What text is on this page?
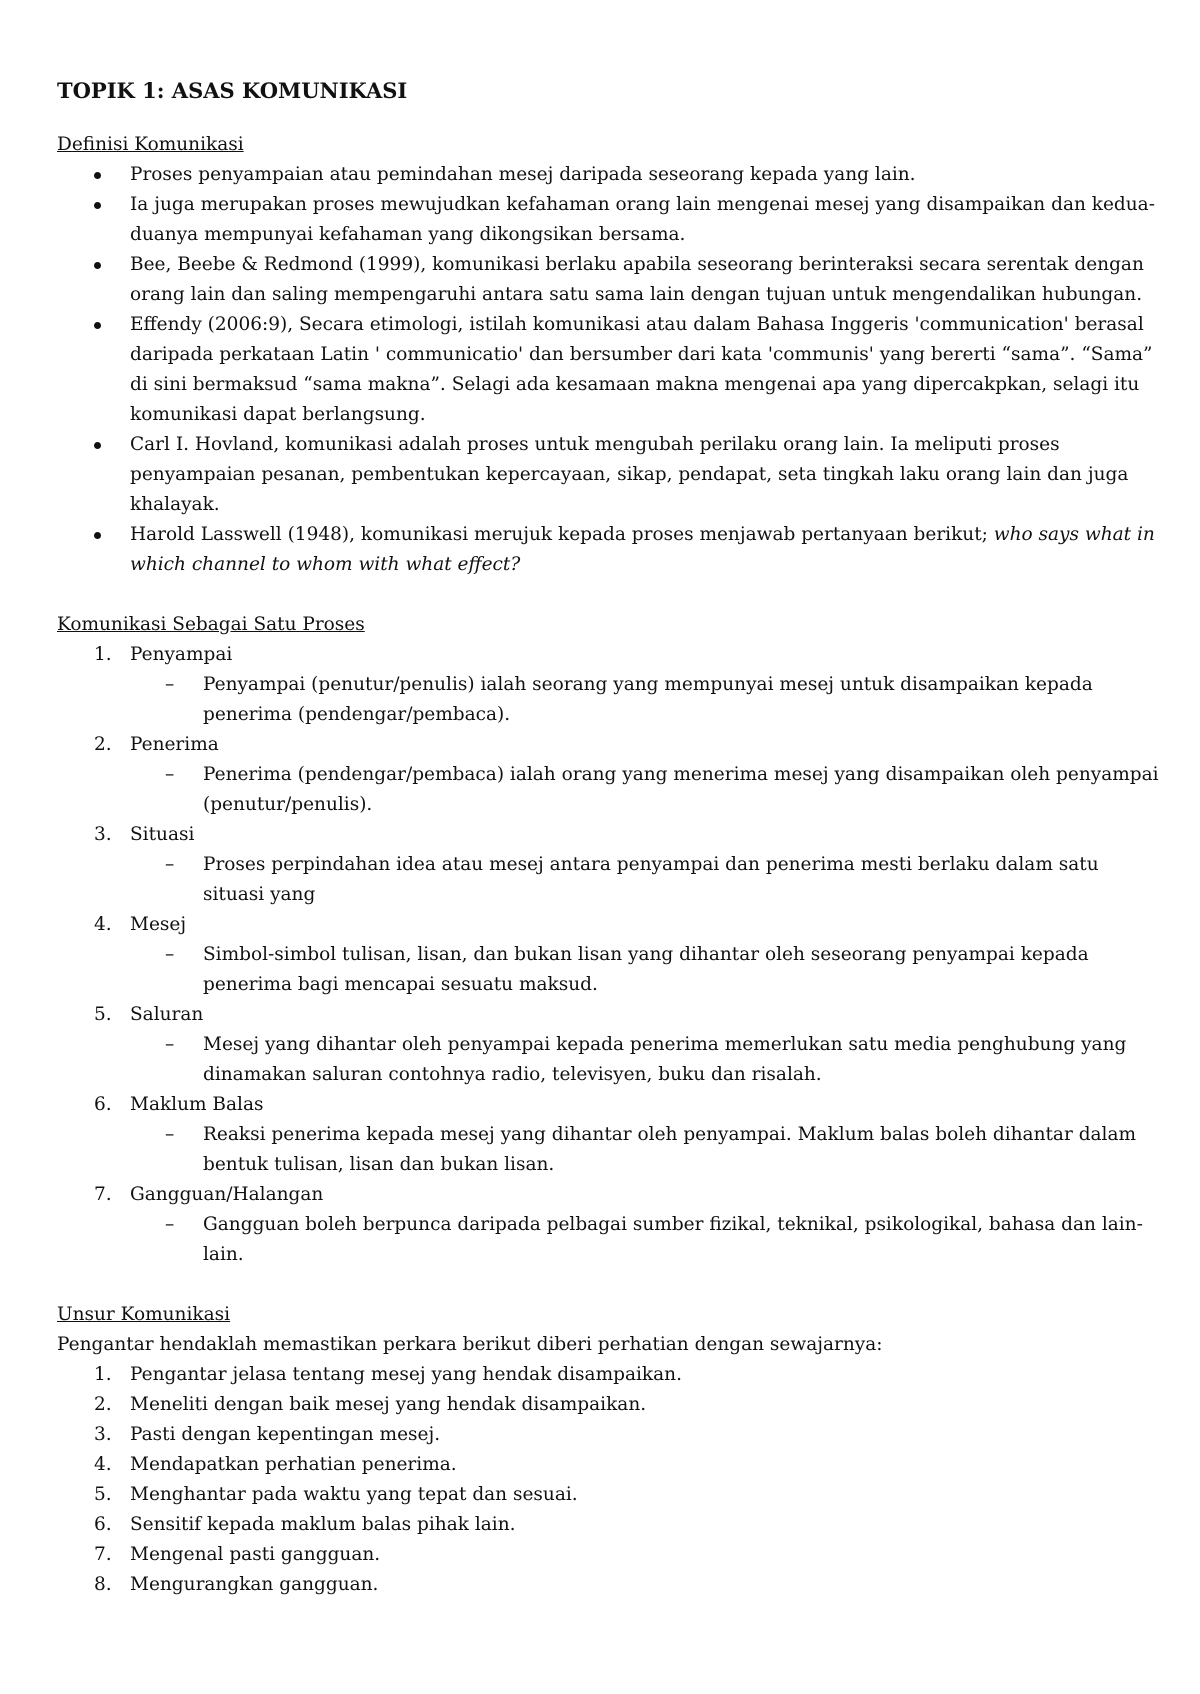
TOPIK 1: ASAS KOMUNIKASI

Definisi Komunikasi

Proses penyampaian atau pemindahan mesej daripada seseorang kepada yang lain.
Ia juga merupakan proses mewujudkan kefahaman orang lain mengenai mesej yang disampaikan dan kedua-duanya mempunyai kefahaman yang dikongsikan bersama.
Bee, Beebe & Redmond (1999), komunikasi berlaku apabila seseorang berinteraksi secara serentak dengan orang lain dan saling mempengaruhi antara satu sama lain dengan tujuan untuk mengendalikan hubungan.
Effendy (2006:9), Secara etimologi, istilah komunikasi atau dalam Bahasa Inggeris 'communication' berasal daripada perkataan Latin ' communicatio' dan bersumber dari kata 'communis' yang bererti “sama”. “Sama” di sini bermaksud “sama makna”. Selagi ada kesamaan makna mengenai apa yang dipercakpkan, selagi itu komunikasi dapat berlangsung.
Carl I. Hovland, komunikasi adalah proses untuk mengubah perilaku orang lain. Ia meliputi proses penyampaian pesanan, pembentukan kepercayaan, sikap, pendapat, seta tingkah laku orang lain dan juga khalayak.
Harold Lasswell (1948), komunikasi merujuk kepada proses menjawab pertanyaan berikut; who says what in which channel to whom with what effect?

Komunikasi Sebagai Satu Proses

1. Penyampai
– Penyampai (penutur/penulis) ialah seorang yang mempunyai mesej untuk disampaikan kepada penerima (pendengar/pembaca).
2. Penerima
– Penerima (pendengar/pembaca) ialah orang yang menerima mesej yang disampaikan oleh penyampai (penutur/penulis).
3. Situasi
– Proses perpindahan idea atau mesej antara penyampai dan penerima mesti berlaku dalam satu situasi yang
4. Mesej
– Simbol-simbol tulisan, lisan, dan bukan lisan yang dihantar oleh seseorang penyampai kepada penerima bagi mencapai sesuatu maksud.
5. Saluran
– Mesej yang dihantar oleh penyampai kepada penerima memerlukan satu media penghubung yang dinamakan saluran contohnya radio, televisyen, buku dan risalah.
6. Maklum Balas
– Reaksi penerima kepada mesej yang dihantar oleh penyampai. Maklum balas boleh dihantar dalam bentuk tulisan, lisan dan bukan lisan.
7. Gangguan/Halangan
– Gangguan boleh berpunca daripada pelbagai sumber fizikal, teknikal, psikologikal, bahasa dan lain-lain.

Unsur Komunikasi

Pengantar hendaklah memastikan perkara berikut diberi perhatian dengan sewajarnya:

1. Pengantar jelasa tentang mesej yang hendak disampaikan.
2. Meneliti dengan baik mesej yang hendak disampaikan.
3. Pasti dengan kepentingan mesej.
4. Mendapatkan perhatian penerima.
5. Menghantar pada waktu yang tepat dan sesuai.
6. Sensitif kepada maklum balas pihak lain.
7. Mengenal pasti gangguan.
8. Mengurangkan gangguan.
